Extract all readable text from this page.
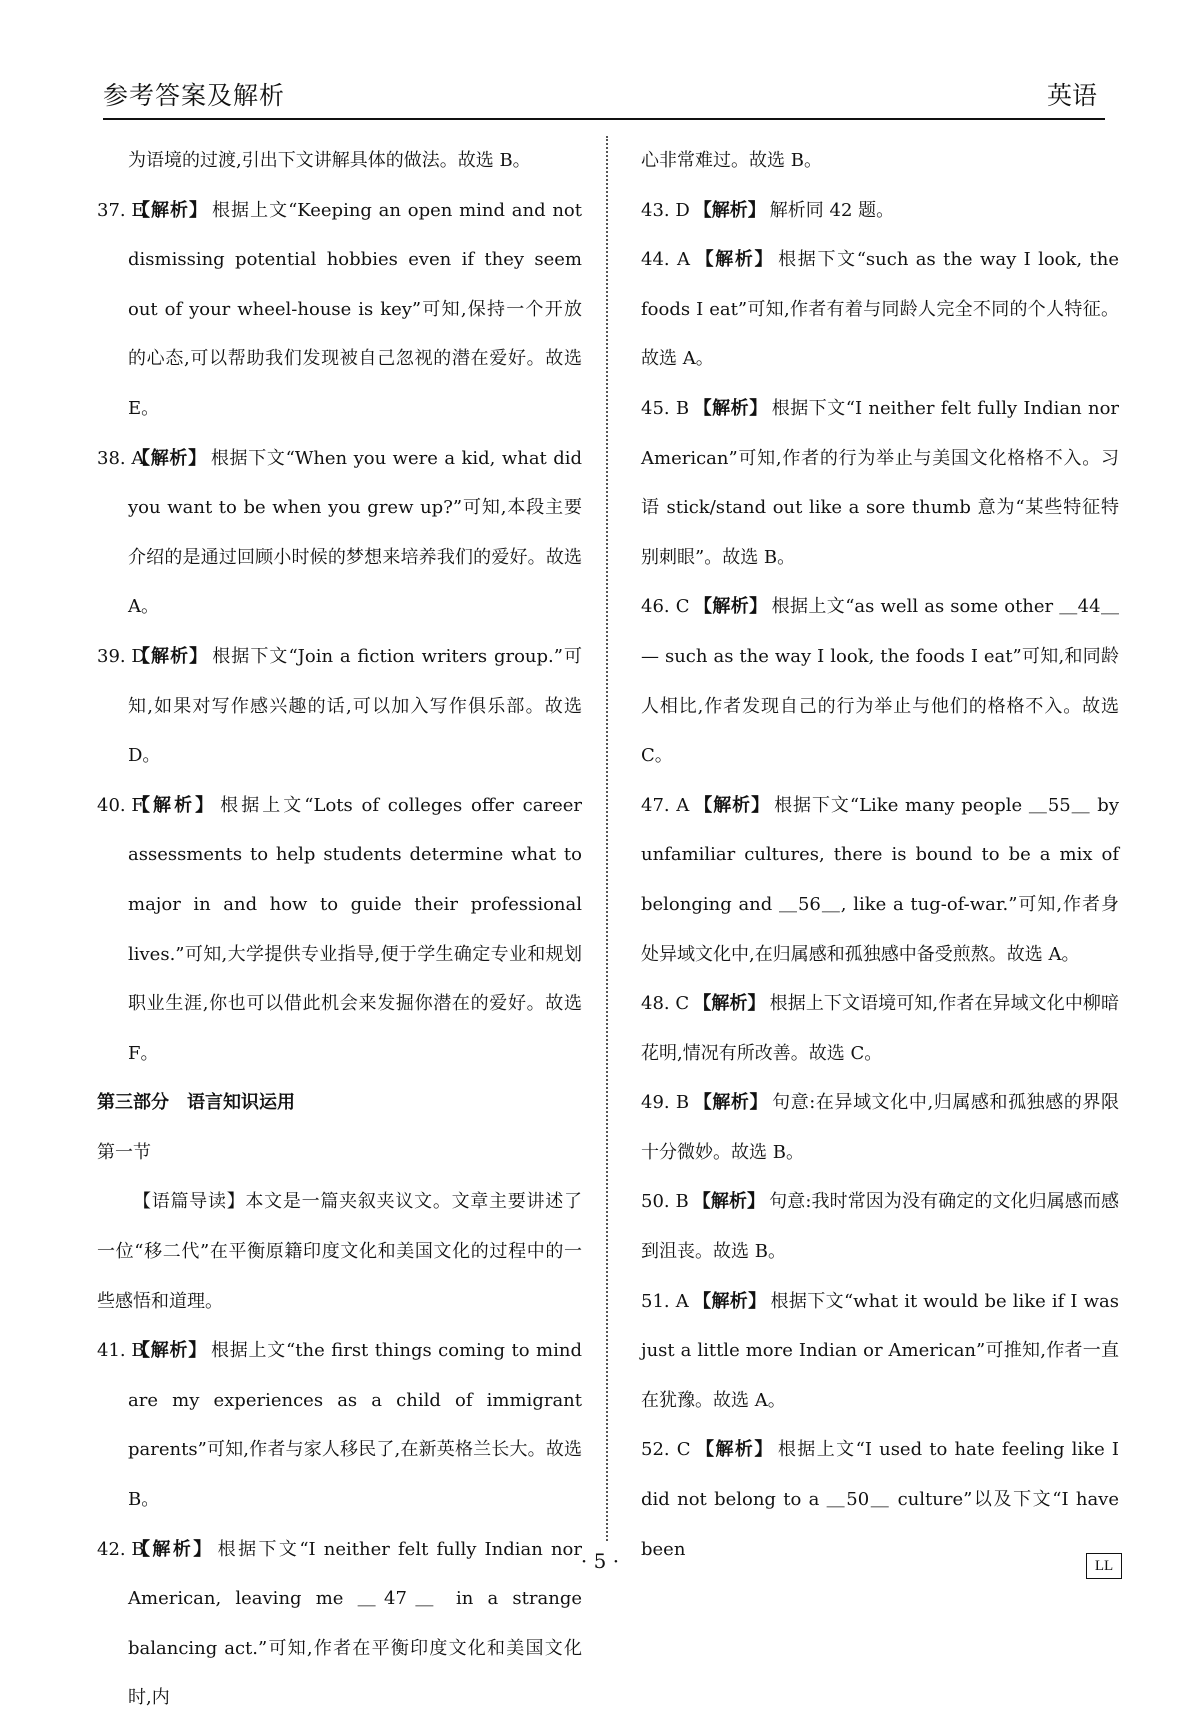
参考答案及解析	英语
为语境的过渡,引出下文讲解具体的做法。故选 B。
37. E
【解析】 根据上文“Keeping an open mind and not dismissing potential hobbies even if they seem out of your wheel-house is key”可知,保持一个开放的心态,可以帮助我们发现被自己忽视的潜在爱好。故选 E。
38. A
【解析】 根据下文“When you were a kid, what did you want to be when you grew up?”可知,本段主要介绍的是通过回顾小时候的梦想来培养我们的爱好。故选 A。
39. D
【解析】 根据下文“Join a fiction writers group.”可知,如果对写作感兴趣的话,可以加入写作俱乐部。故选 D。
40. F
【解析】 根据上文“Lots of colleges offer career assessments to help students determine what to major in and how to guide their professional lives.”可知,大学提供专业指导,便于学生确定专业和规划职业生涯,你也可以借此机会来发掘你潜在的爱好。故选 F。
第三部分　语言知识运用
第一节
【语篇导读】本文是一篇夹叙夹议文。文章主要讲述了一位“移二代”在平衡原籍印度文化和美国文化的过程中的一些感悟和道理。
41. B
【解析】 根据上文“the first things coming to mind are my experiences as a child of immigrant parents”可知,作者与家人移民了,在新英格兰长大。故选 B。
42. B
【解析】 根据下文“I neither felt fully Indian nor American, leaving me ＿47＿ in a strange balancing act.”可知,作者在平衡印度文化和美国文化时,内
心非常难过。故选 B。
43. D 【解析】 解析同 42 题。
44. A 【解析】 根据下文“such as the way I look, the foods I eat”可知,作者有着与同龄人完全不同的个人特征。故选 A。
45. B 【解析】 根据下文“I neither felt fully Indian nor American”可知,作者的行为举止与美国文化格格不入。习语 stick/stand out like a sore thumb 意为“某些特征特别刺眼”。故选 B。
46. C 【解析】 根据上文“as well as some other ＿44＿ — such as the way I look, the foods I eat”可知,和同龄人相比,作者发现自己的行为举止与他们的格格不入。故选 C。
47. A 【解析】 根据下文“Like many people ＿55＿ by unfamiliar cultures, there is bound to be a mix of belonging and ＿56＿, like a tug-of-war.”可知,作者身处异域文化中,在归属感和孤独感中备受煎熬。故选 A。
48. C 【解析】 根据上下文语境可知,作者在异域文化中柳暗花明,情况有所改善。故选 C。
49. B 【解析】 句意:在异域文化中,归属感和孤独感的界限十分微妙。故选 B。
50. B 【解析】 句意:我时常因为没有确定的文化归属感而感到沮丧。故选 B。
51. A 【解析】 根据下文“what it would be like if I was just a little more Indian or American”可推知,作者一直在犹豫。故选 A。
52. C 【解析】 根据上文“I used to hate feeling like I did not belong to a ＿50＿ culture”以及下文“I have been
· 5 ·	LL
